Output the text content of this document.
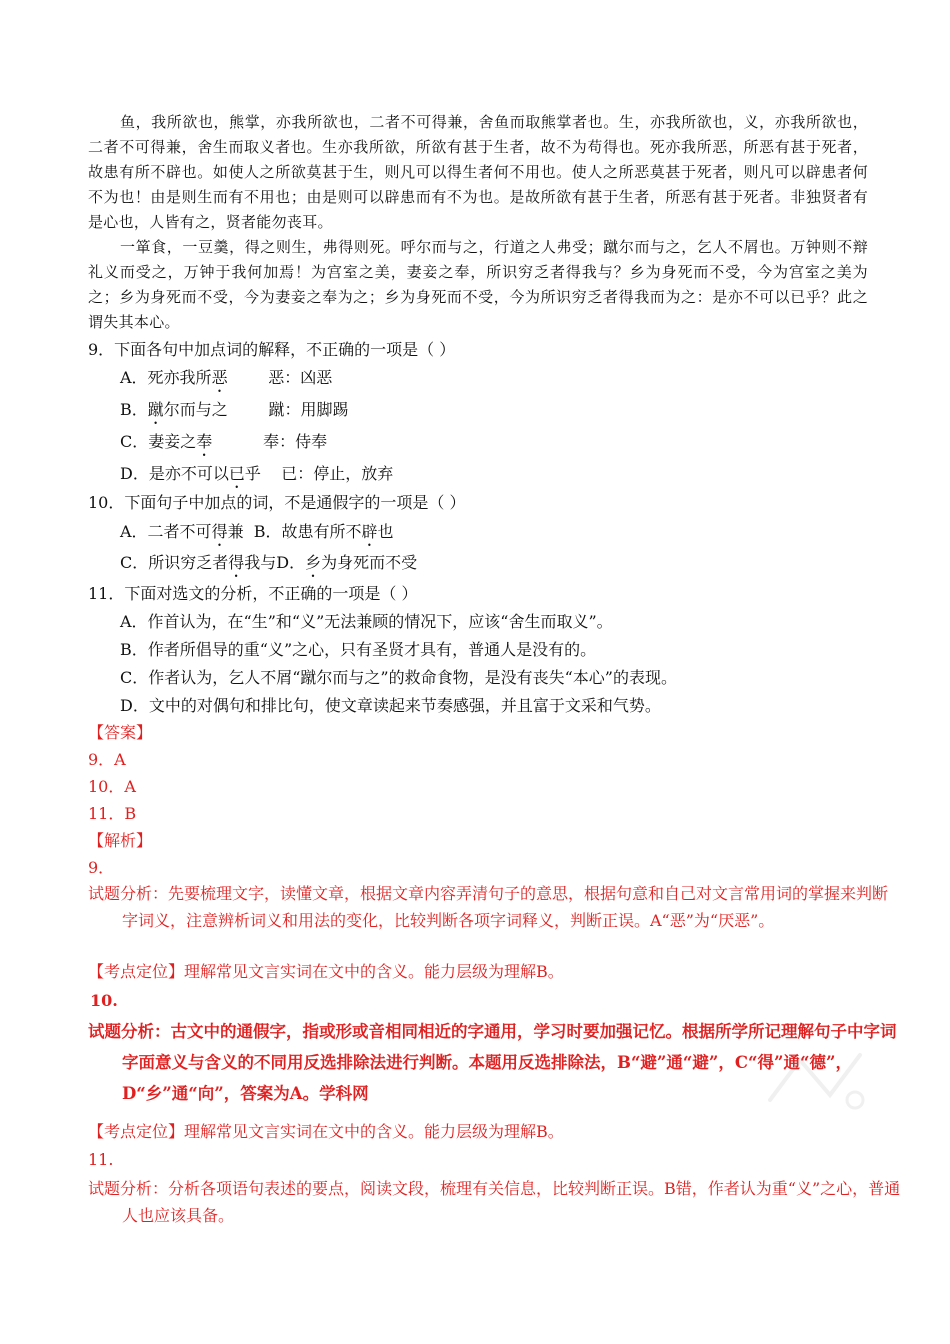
鱼，我所欲也，熊掌，亦我所欲也，二者不可得兼，舍鱼而取熊掌者也。生，亦我所欲也，义，亦我所欲也，二者不可得兼，舍生而取义者也。生亦我所欲，所欲有甚于生者，故不为苟得也。死亦我所恶，所恶有甚于死者，故患有所不辟也。如使人之所欲莫甚于生，则凡可以得生者何不用也。使人之所恶莫甚于死者，则凡可以辟患者何不为也！由是则生而有不用也；由是则可以辟患而有不为也。是故所欲有甚于生者，所恶有甚于死者。非独贤者有是心也，人皆有之，贤者能勿丧耳。
一箪食，一豆羹，得之则生，弗得则死。呼尔而与之，行道之人弗受；蹴尔而与之，乞人不屑也。万钟则不辩礼义而受之，万钟于我何加焉！为宫室之美，妻妾之奉，所识穷乏者得我与？乡为身死而不受，今为宫室之美为之；乡为身死而不受，今为妻妾之奉为之；乡为身死而不受，今为所识穷乏者得我而为之：是亦不可以已乎？此之谓失其本心。
9．下面各句中加点词的解释，不正确的一项是（ ）
A．死亦我所恶        恶：凶恶
B．蹴尔而与之        蹴：用脚踢
C．妻妾之奉          奉：侍奉
D．是亦不可以已乎    已：停止，放弃
10．下面句子中加点的词，不是通假字的一项是（ ）
A．二者不可得兼  B．故患有所不辟也
C．所识穷乏者得我与D．乡为身死而不受
11．下面对选文的分析，不正确的一项是（ ）
A．作首认为，在“生”和“义”无法兼顾的情况下，应该“舍生而取义”。
B．作者所倡导的重“义”之心，只有圣贤才具有，普通人是没有的。
C．作者认为，乞人不屑“蹴尔而与之”的救命食物，是没有丧失“本心”的表现。
D．文中的对偶句和排比句，使文章读起来节奏感强，并且富于文采和气势。
【答案】
9．A
10．A
11．B
【解析】
9．
试题分析：先要梳理文字，读懂文章，根据文章内容弄清句子的意思，根据句意和自己对文言常用词的掌握来判断字词义，注意辨析词义和用法的变化，比较判断各项字词释义，判断正误。A“恶”为“厌恶”。
【考点定位】理解常见文言实词在文中的含义。能力层级为理解B。
10.
试题分析：古文中的通假字，指或形或音相同相近的字通用，学习时要加强记忆。根据所学所记理解句子中字词字面意义与含义的不同用反选排除法进行判断。本题用反选排除法，B“避”通“避”，C“得”通“德”，D“乡”通“向”，答案为A。学科网
【考点定位】理解常见文言实词在文中的含义。能力层级为理解B。
11.
试题分析：分析各项语句表述的要点，阅读文段，梳理有关信息，比较判断正误。B错，作者认为重“义”之心，普通人也应该具备。
